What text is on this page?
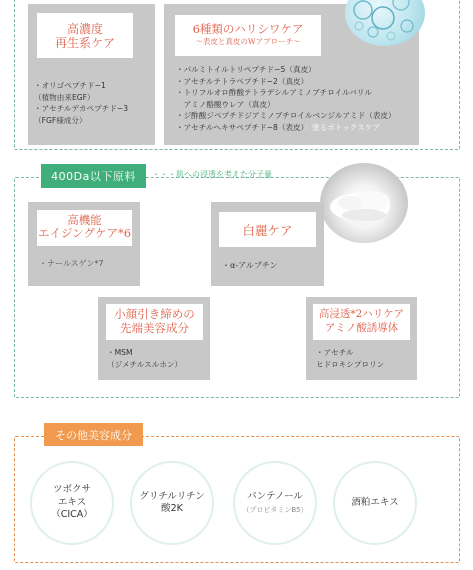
高濃度
再生系ケア
・オリゴペプチド−1
（植物由来EGF）
・アセチルデカペプチド−3
（FGF様成分）
6種類のハリシワケア
〜表皮と真皮のWアプローチ〜
・パルミトイルトリペプチド−5（真皮）
・アセチルテトラペプチド−2（真皮）
・トリフルオロ酢酸テトラデシルアミノブチロイルバリル
　アミノ酪酸ウレア（真皮）
・ジ酢酸ジペプチドジアミノブチロイルベンジルアミド（表皮）
・アセチルヘキサペプチド−8（表皮）：塗るボトックスケア
400Da以下原料	・・・肌への浸透を考えた分子量
高機能
エイジングケア*6
・ナールスゲン*7
白麗ケア
・α-アルブチン
小顔引き締めの
先端美容成分
・MSM
（ジメチルスルホン）
高浸透*2ハリケア
アミノ酸誘導体
・アセチル
ヒドロキシプロリン
その他美容成分
ツボクサ
エキス
（CICA）
グリチルリチン
酸2K
パンテノール
（プロビタミンB5）
酒粕エキス
